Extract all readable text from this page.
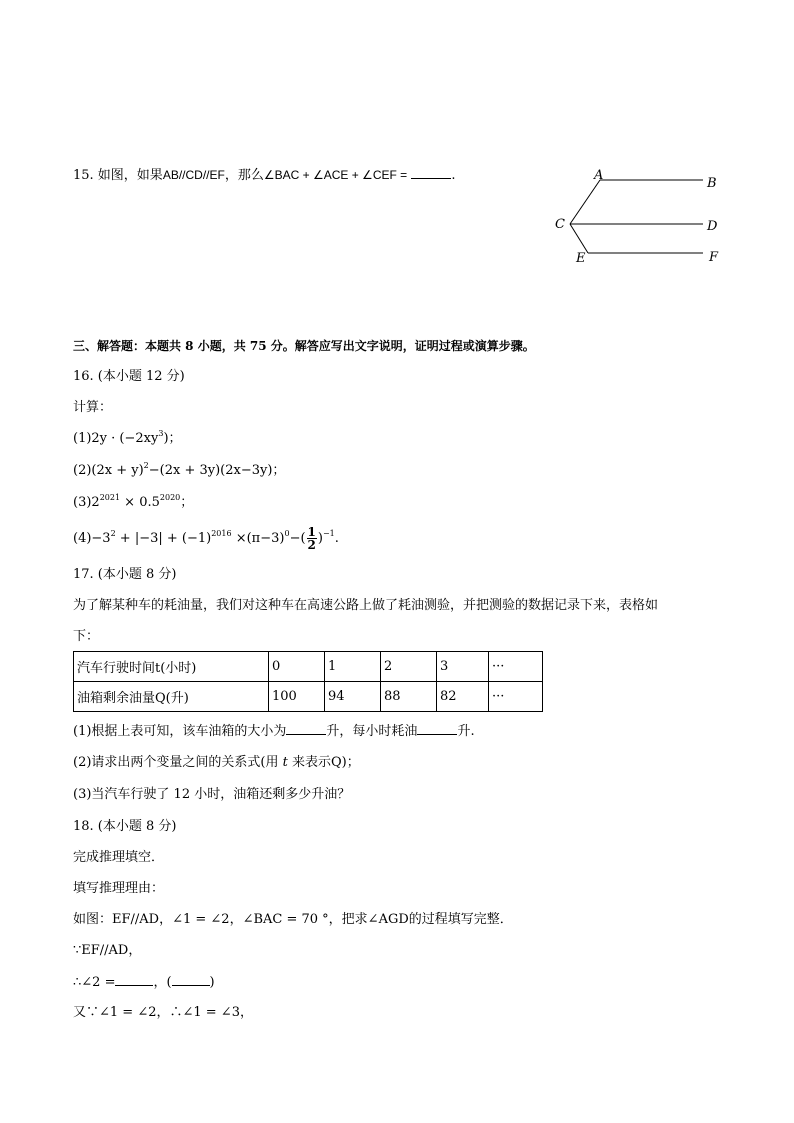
15. 如图，如果AB//CD//EF，那么∠BAC + ∠ACE + ∠CEF =	.	A
B
C	D
E	F
三、解答题：本题共 8 小题，共 75 分。解答应写出文字说明，证明过程或演算步骤。
16. (本小题 12 分)
计算：
$(1)2y \cdot (-2xy^3)$；
$(2)(2x + y)^2-(2x + 3y)(2x-3y)$；
$(3)2^{2021} \times 0.5^{2020}$；
$(4)-3^2 + |-3| + (-1)^{2016} \times(\pi-3)^0-( \frac{1}{2} )^{-1}$.
17. (本小题 8 分)
为了解某种车的耗油量，我们对这种车在高速公路上做了耗油测验，并把测验的数据记录下来，表格如
下：
汽车行驶时间t(小时)	0	1	2	3	···
油箱剩余油量Q(升)	100	94	88	82	···
(1)根据上表可知，该车油箱的大小为	升，每小时耗油	升.
(2)请求出两个变量之间的关系式(用 t 来表示Q)；
(3)当汽车行驶了 12 小时，油箱还剩多少升油？
18. (本小题 8 分)
完成推理填空．
填写推理理由：
如图：EF//AD，∠1 = ∠2，∠BAC = 70 °，把求∠AGD的过程填写完整．
∵EF//AD，
∴∠2 =	，(	)
又∵∠1 = ∠2，∴∠1 = ∠3，
